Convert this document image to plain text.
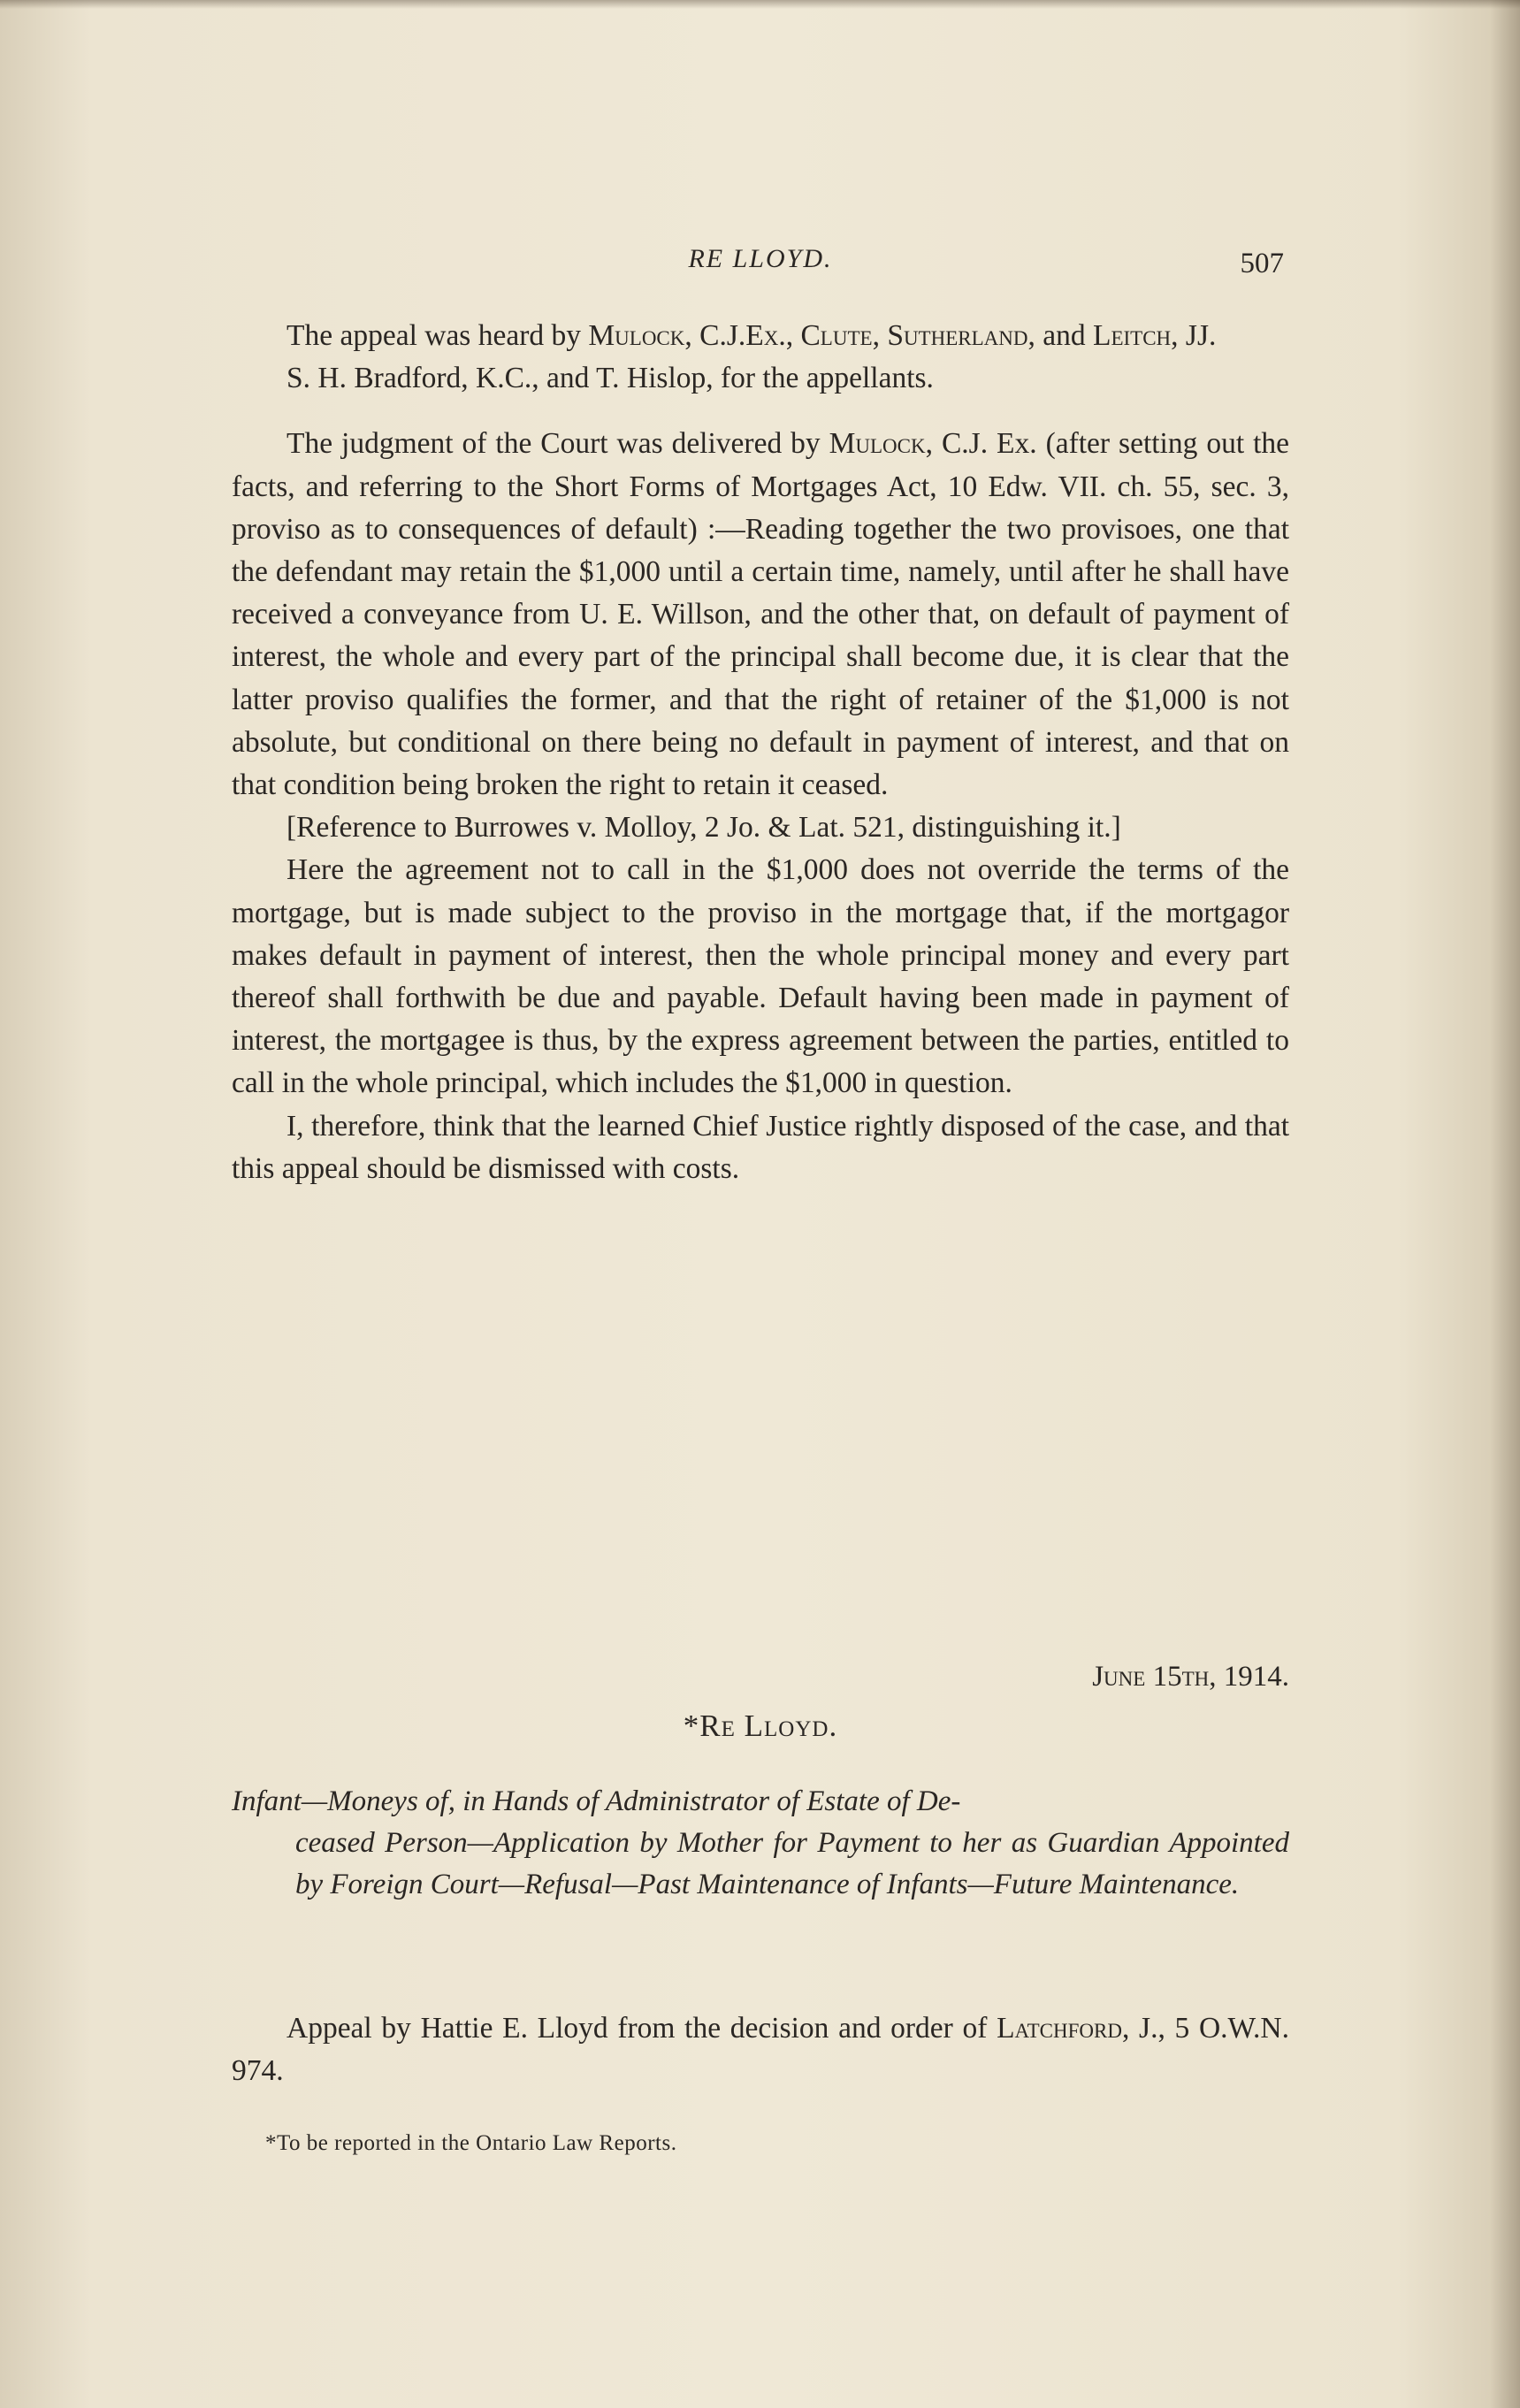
RE LLOYD.	507

The appeal was heard by Mulock, C.J.Ex., Clute, Sutherland, and Leitch, JJ.

S. H. Bradford, K.C., and T. Hislop, for the appellants.

The judgment of the Court was delivered by Mulock, C.J. Ex. (after setting out the facts, and referring to the Short Forms of Mortgages Act, 10 Edw. VII. ch. 55, sec. 3, proviso as to consequences of default) :—Reading together the two provisoes, one that the defendant may retain the $1,000 until a certain time, namely, until after he shall have received a conveyance from U. E. Willson, and the other that, on default of payment of interest, the whole and every part of the principal shall become due, it is clear that the latter proviso qualifies the former, and that the right of retainer of the $1,000 is not absolute, but conditional on there being no default in payment of interest, and that on that condition being broken the right to retain it ceased.

[Reference to Burrowes v. Molloy, 2 Jo. & Lat. 521, distinguishing it.]

Here the agreement not to call in the $1,000 does not override the terms of the mortgage, but is made subject to the proviso in the mortgage that, if the mortgagor makes default in payment of interest, then the whole principal money and every part thereof shall forthwith be due and payable. Default having been made in payment of interest, the mortgagee is thus, by the express agreement between the parties, entitled to call in the whole principal, which includes the $1,000 in question.

I, therefore, think that the learned Chief Justice rightly disposed of the case, and that this appeal should be dismissed with costs.

June 15th, 1914.
*Re Lloyd.
Infant—Moneys of, in Hands of Administrator of Estate of De-
ceased Person—Application by Mother for Payment to her as Guardian Appointed by Foreign Court—Refusal—Past Maintenance of Infants—Future Maintenance.
Appeal by Hattie E. Lloyd from the decision and order of Latchford, J., 5 O.W.N. 974.
*To be reported in the Ontario Law Reports.
